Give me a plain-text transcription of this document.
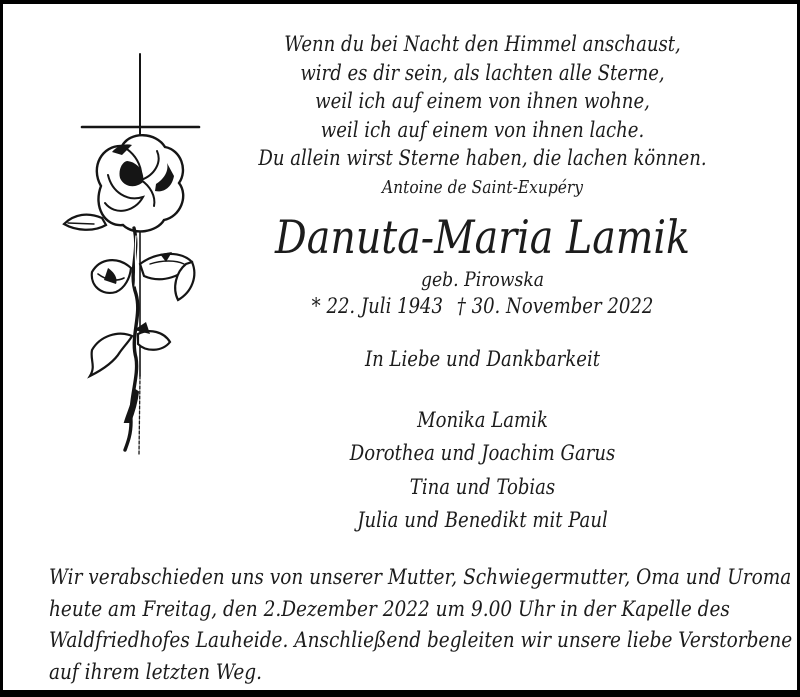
Wenn du bei Nacht den Himmel anschaust,
wird es dir sein, als lachten alle Sterne,
weil ich auf einem von ihnen wohne,
weil ich auf einem von ihnen lache.
Du allein wirst Sterne haben, die lachen können.
Antoine de Saint-Exupéry
Danuta-Maria Lamik
geb. Pirowska
* 22. Juli 1943 † 30. November 2022
In Liebe und Dankbarkeit
Monika Lamik
Dorothea und Joachim Garus
Tina und Tobias
Julia und Benedikt mit Paul
Wir verabschieden uns von unserer Mutter, Schwiegermutter, Oma und Uroma
heute am Freitag, den 2.Dezember 2022 um 9.00 Uhr in der Kapelle des
Waldfriedhofes Lauheide. Anschließend begleiten wir unsere liebe Verstorbene
auf ihrem letzten Weg.
